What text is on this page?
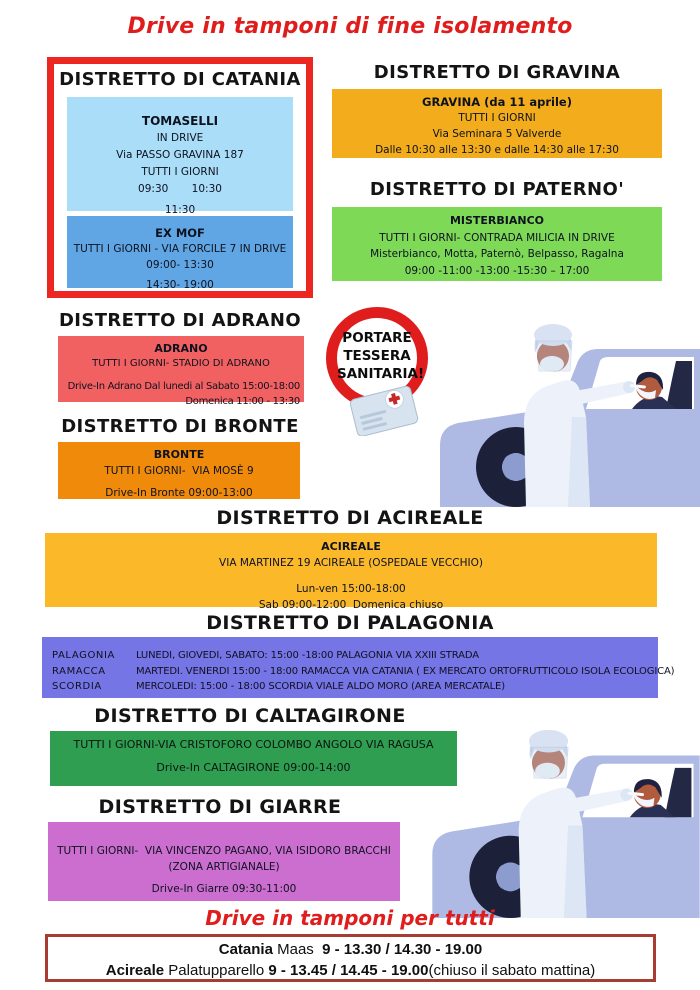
Drive in tamponi di fine isolamento
DISTRETTO DI CATANIA
TOMASELLI
IN DRIVE
Via PASSO GRAVINA 187
TUTTI I GIORNI
09:30       10:30
11:30
EX MOF
TUTTI I GIORNI - VIA FORCILE 7 IN DRIVE
09:00- 13:30
14:30- 19:00
DISTRETTO DI GRAVINA
GRAVINA (da 11 aprile)
TUTTI I GIORNI
Via Seminara 5 Valverde
Dalle 10:30 alle 13:30 e dalle 14:30 alle 17:30
DISTRETTO DI PATERNO'
MISTERBIANCO
TUTTI I GIORNI- CONTRADA MILICIA IN DRIVE
Misterbianco, Motta, Paternò, Belpasso, Ragalna
09:00 -11:00 -13:00 -15:30 – 17:00
DISTRETTO DI ADRANO
ADRANO
TUTTI I GIORNI- STADIO DI ADRANO
Drive-In Adrano Dal lunedi al Sabato 15:00-18:00
Domenica 11:00 - 13:30
DISTRETTO DI BRONTE
BRONTE
TUTTI I GIORNI-  VIA MOSÈ 9
Drive-In Bronte 09:00-13:00
PORTARE
TESSERA
SANITARIA!
DISTRETTO DI ACIREALE
ACIREALE
VIA MARTINEZ 19 ACIREALE (OSPEDALE VECCHIO)
Lun-ven 15:00-18:00
Sab 09:00-12:00  Domenica chiuso
DISTRETTO DI PALAGONIA
PALAGONIA	LUNEDI, GIOVEDI, SABATO: 15:00 -18:00 PALAGONIA VIA XXIII STRADA
RAMACCA	MARTEDI. VENERDI 15:00 - 18:00 RAMACCA VIA CATANIA ( EX MERCATO ORTOFRUTTICOLO ISOLA ECOLOGICA)
SCORDIA	MERCOLEDI: 15:00 - 18:00 SCORDIA VIALE ALDO MORO (AREA MERCATALE)
DISTRETTO DI CALTAGIRONE
TUTTI I GIORNI-VIA CRISTOFORO COLOMBO ANGOLO VIA RAGUSA
Drive-In CALTAGIRONE 09:00-14:00
DISTRETTO DI GIARRE
TUTTI I GIORNI-  VIA VINCENZO PAGANO, VIA ISIDORO BRACCHI
(ZONA ARTIGIANALE)
Drive-In Giarre 09:30-11:00
Drive in tamponi per tutti
Catania Maas  9 - 13.30 / 14.30 - 19.00
Acireale Palatupparello 9 - 13.45 / 14.45 - 19.00(chiuso il sabato mattina)
